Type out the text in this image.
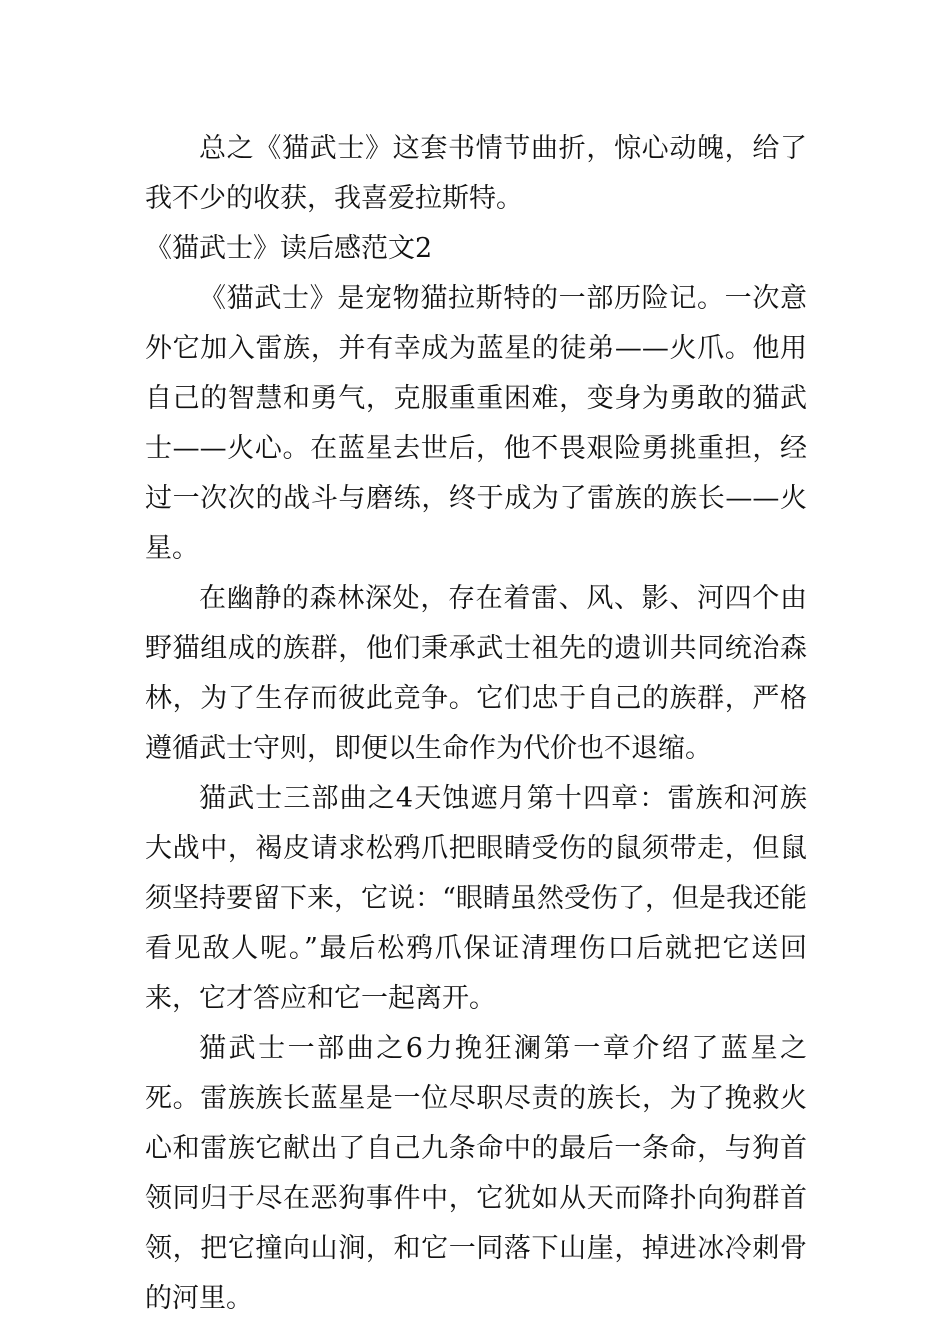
总之《猫武士》这套书情节曲折，惊心动魄，给了我不少的收获，我喜爱拉斯特。

《猫武士》读后感范文2

《猫武士》是宠物猫拉斯特的一部历险记。一次意外它加入雷族，并有幸成为蓝星的徒弟——火爪。他用自己的智慧和勇气，克服重重困难，变身为勇敢的猫武士——火心。在蓝星去世后，他不畏艰险勇挑重担，经过一次次的战斗与磨练，终于成为了雷族的族长——火星。

在幽静的森林深处，存在着雷、风、影、河四个由野猫组成的族群，他们秉承武士祖先的遗训共同统治森林，为了生存而彼此竞争。它们忠于自己的族群，严格遵循武士守则，即便以生命作为代价也不退缩。

猫武士三部曲之4天蚀遮月第十四章：雷族和河族大战中，褐皮请求松鸦爪把眼睛受伤的鼠须带走，但鼠须坚持要留下来，它说：“眼睛虽然受伤了，但是我还能看见敌人呢。”最后松鸦爪保证清理伤口后就把它送回来，它才答应和它一起离开。

猫武士一部曲之6力挽狂澜第一章介绍了蓝星之死。雷族族长蓝星是一位尽职尽责的族长，为了挽救火心和雷族它献出了自己九条命中的最后一条命，与狗首领同归于尽在恶狗事件中，它犹如从天而降扑向狗群首领，把它撞向山涧，和它一同落下山崖，掉进冰冷刺骨的河里。
